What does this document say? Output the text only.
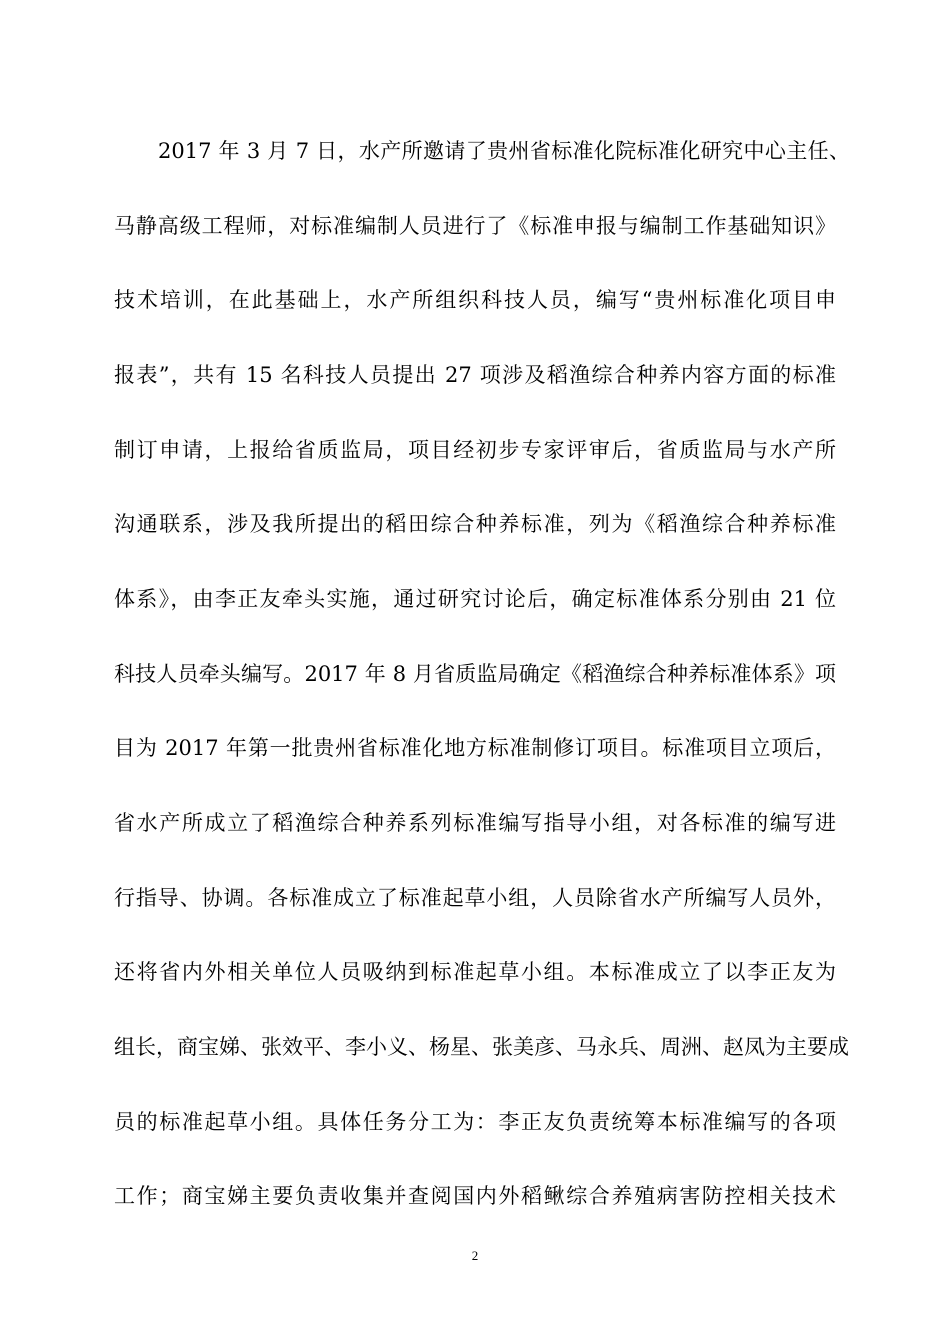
2017 年 3 月 7 日，水产所邀请了贵州省标准化院标准化研究中心主任、
马静高级工程师，对标准编制人员进行了《标准申报与编制工作基础知识》
技术培训，在此基础上，水产所组织科技人员，编写“贵州标准化项目申
报表”，共有 15 名科技人员提出 27 项涉及稻渔综合种养内容方面的标准
制订申请，上报给省质监局，项目经初步专家评审后，省质监局与水产所
沟通联系，涉及我所提出的稻田综合种养标准，列为《稻渔综合种养标准
体系》，由李正友牵头实施，通过研究讨论后，确定标准体系分别由 21 位
科技人员牵头编写。2017 年 8 月省质监局确定《稻渔综合种养标准体系》项
目为 2017 年第一批贵州省标准化地方标准制修订项目。标准项目立项后，
省水产所成立了稻渔综合种养系列标准编写指导小组，对各标准的编写进
行指导、协调。各标准成立了标准起草小组，人员除省水产所编写人员外，
还将省内外相关单位人员吸纳到标准起草小组。本标准成立了以李正友为
组长，商宝娣、张效平、李小义、杨星、张美彦、马永兵、周洲、赵凤为主要成
员的标准起草小组。具体任务分工为：李正友负责统筹本标准编写的各项
工作；商宝娣主要负责收集并查阅国内外稻鳅综合养殖病害防控相关技术
2
